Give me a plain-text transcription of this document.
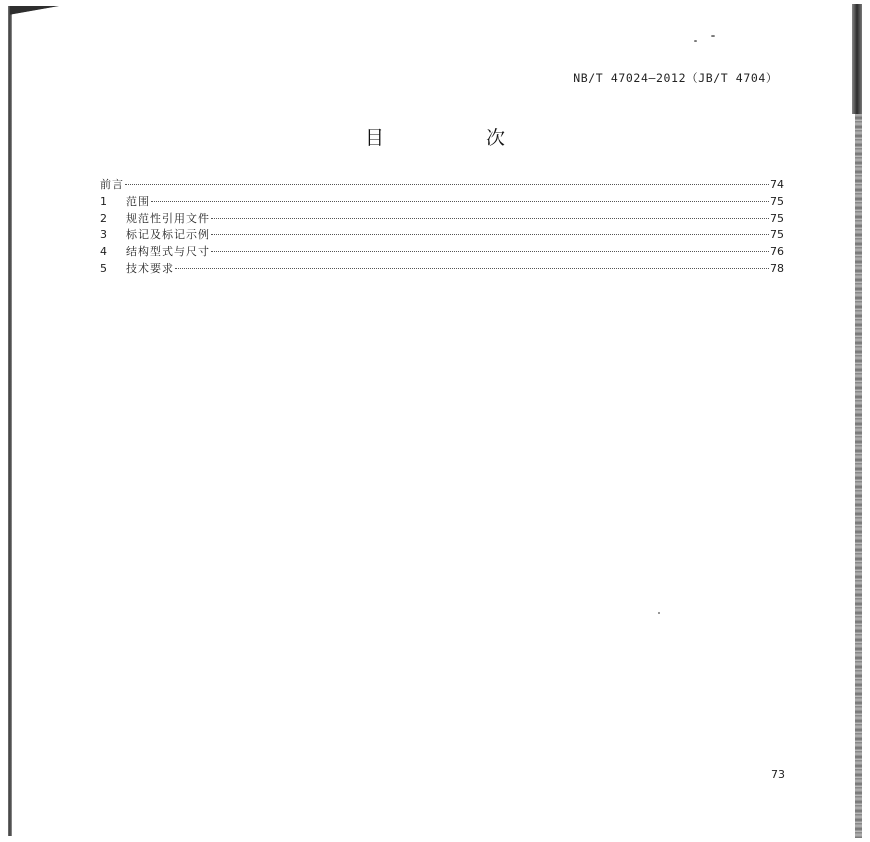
NB/T 47024—2012（JB/T 4704）
目 次
前言	74
1	范围	75
2	规范性引用文件	75
3	标记及标记示例	75
4	结构型式与尺寸	76
5	技术要求	78
73
